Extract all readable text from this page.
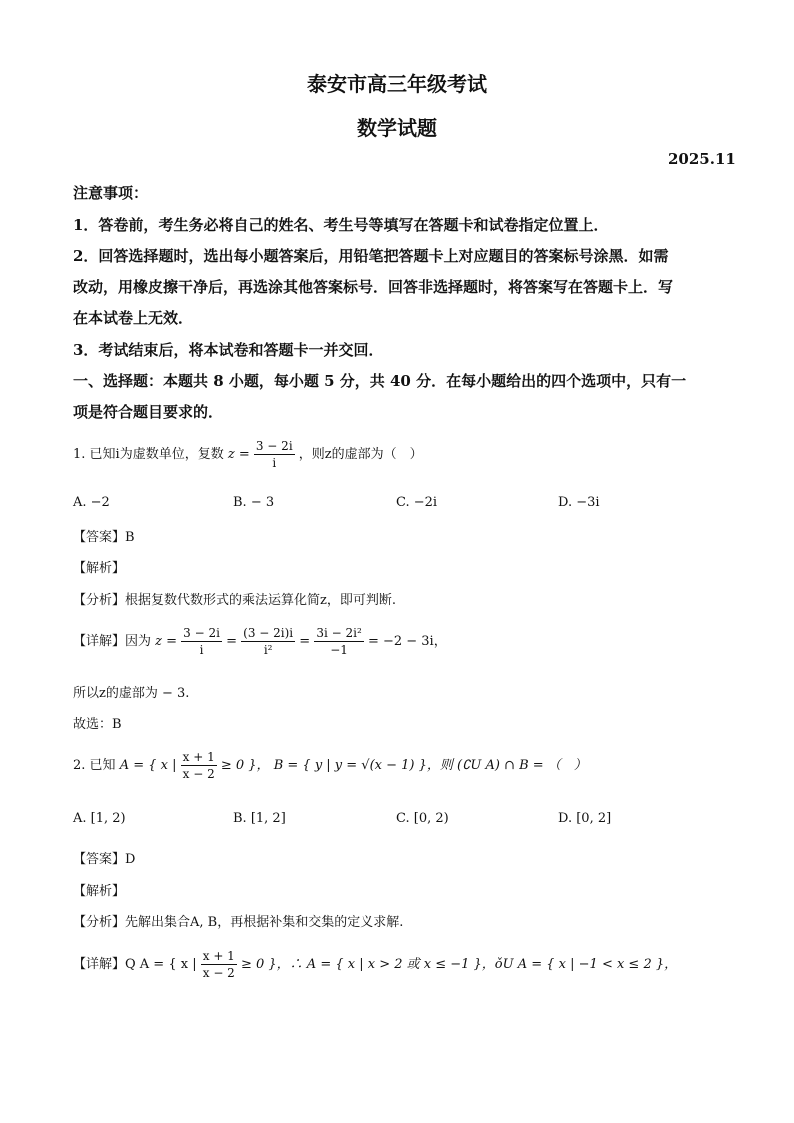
泰安市高三年级考试
数学试题
2025.11
注意事项：
1．答卷前，考生务必将自己的姓名、考生号等填写在答题卡和试卷指定位置上．
2．回答选择题时，选出每小题答案后，用铅笔把答题卡上对应题目的答案标号涂黑．如需
改动，用橡皮擦干净后，再选涂其他答案标号．回答非选择题时，将答案写在答题卡上．写
在本试卷上无效．
3．考试结束后，将本试卷和答题卡一并交回．
一、选择题：本题共 8 小题，每小题 5 分，共 40 分．在每小题给出的四个选项中，只有一
项是符合题目要求的．
1. 已知i为虚数单位，复数 $z = \frac{3 - 2i}{i}$ ，则z的虚部为（　）
A. −2	B. − 3	C. −2i	D. −3i
【答案】B
【解析】
【分析】根据复数代数形式的乘法运算化简z，即可判断.
【详解】因为 $z = \frac{3 - 2i}{i} = \frac{(3 - 2i)i}{\text{i²}} = \frac{\text{3i − 2i²}}{-1} = -2 - 3i$，
所以z的虚部为 − 3.
故选：B
2. 已知 A = { x | $\frac{x + 1}{x - 2} \ge 0$ }， B = { y | y = √(x − 1) }，则 (∁U A) ∩ B = （　）
A. [1, 2)	B. [1, 2]	C. [0, 2)	D. [0, 2]
【答案】D
【解析】
【分析】先解出集合A, B，再根据补集和交集的定义求解.
【详解】Q A = { x | $\frac{x + 1}{x - 2} \ge 0$ }，∴ A = { x | x > 2 或 x ≤ −1 }，ǒU A = { x | −1 < x ≤ 2 }，
